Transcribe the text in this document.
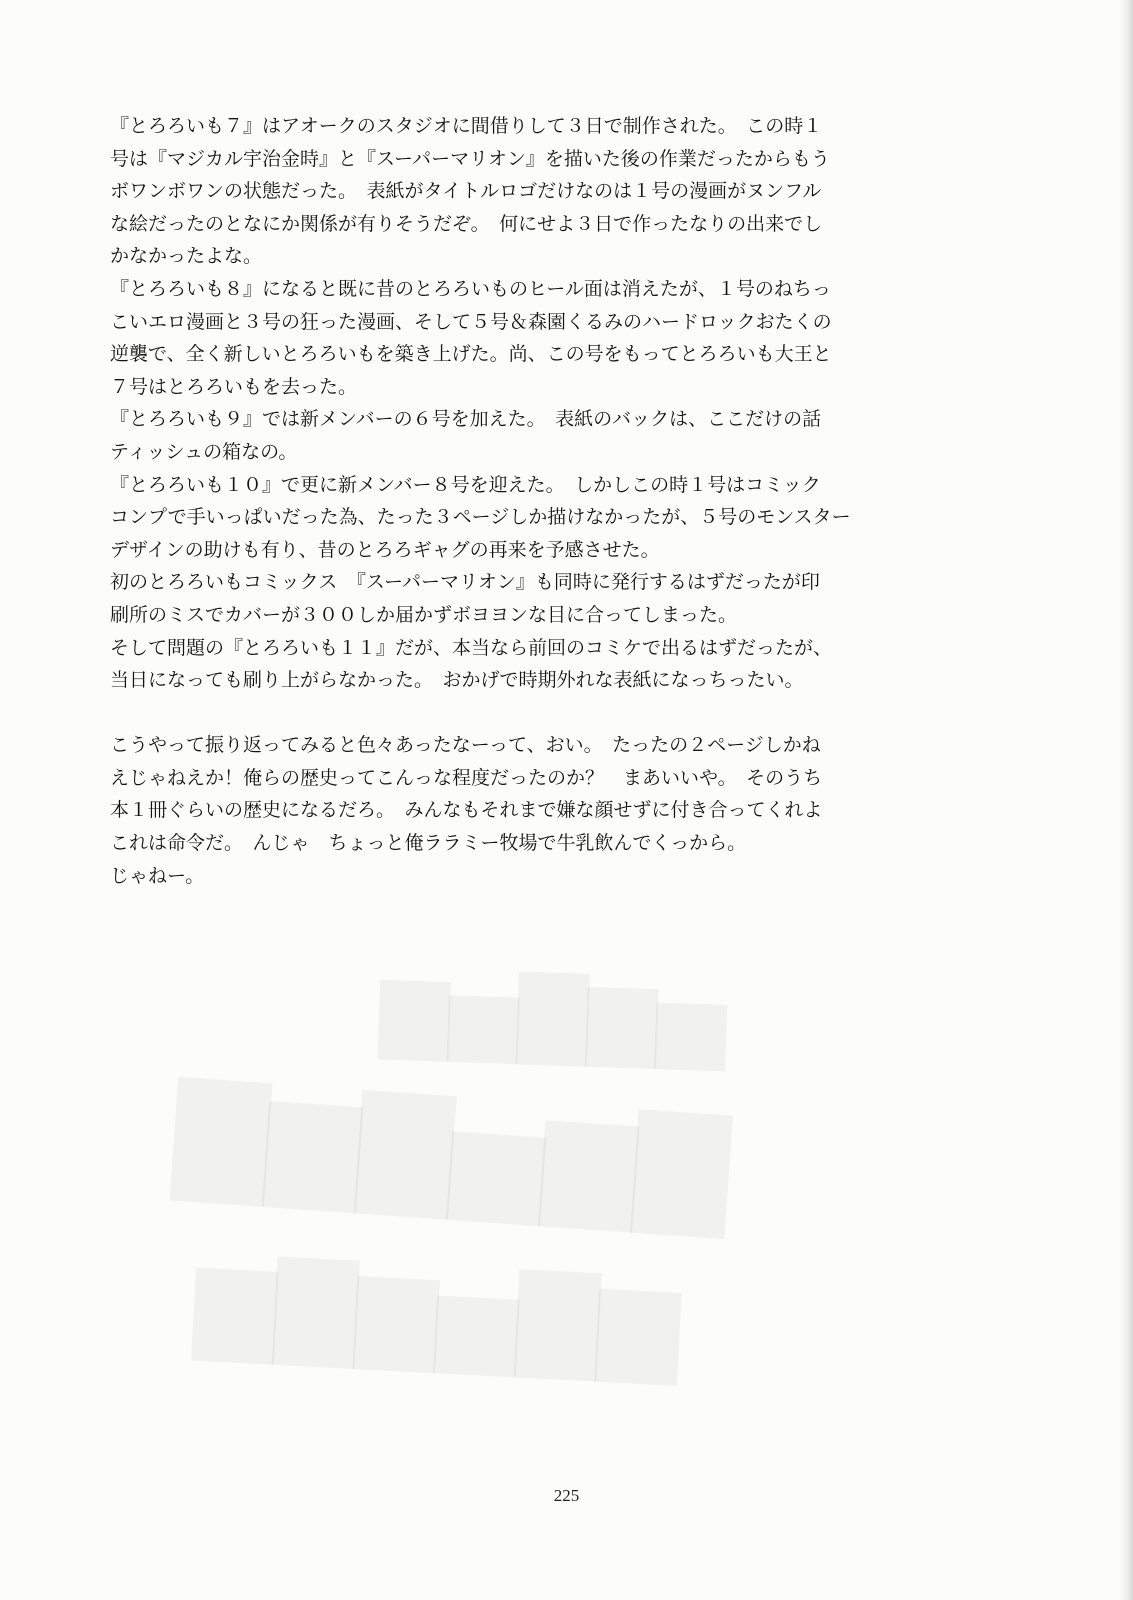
『とろろいも７』はアオークのスタジオに間借りして３日で制作された。　この時１
号は『マジカル宇治金時』と『スーパーマリオン』を描いた後の作業だったからもう
ボワンボワンの状態だった。　表紙がタイトルロゴだけなのは１号の漫画がヌンフル
な絵だったのとなにか関係が有りそうだぞ。　何にせよ３日で作ったなりの出来でし
かなかったよな。
『とろろいも８』になると既に昔のとろろいものヒール面は消えたが、１号のねちっ
こいエロ漫画と３号の狂った漫画、そして５号＆森園くるみのハードロックおたくの
逆襲で、全く新しいとろろいもを築き上げた。尚、この号をもってとろろいも大王と
７号はとろろいもを去った。
『とろろいも９』では新メンバーの６号を加えた。　表紙のバックは、ここだけの話
ティッシュの箱なの。
『とろろいも１０』で更に新メンバー８号を迎えた。　しかしこの時１号はコミック
コンプで手いっぱいだった為、たった３ページしか描けなかったが、５号のモンスター
デザインの助けも有り、昔のとろろギャグの再来を予感させた。
初のとろろいもコミックス　『スーパーマリオン』も同時に発行するはずだったが印
刷所のミスでカバーが３００しか届かずボヨヨンな目に合ってしまった。
そして問題の『とろろいも１１』だが、本当なら前回のコミケで出るはずだったが、
当日になっても刷り上がらなかった。　おかげで時期外れな表紙になっちったい。
こうやって振り返ってみると色々あったなーって、おい。　たったの２ページしかね
えじゃねえか！俺らの歴史ってこんっな程度だったのか？　まあいいや。　そのうち
本１冊ぐらいの歴史になるだろ。　みんなもそれまで嫌な顔せずに付き合ってくれよ
これは命令だ。　んじゃ　ちょっと俺ララミー牧場で牛乳飲んでくっから。
じゃねー。
225
